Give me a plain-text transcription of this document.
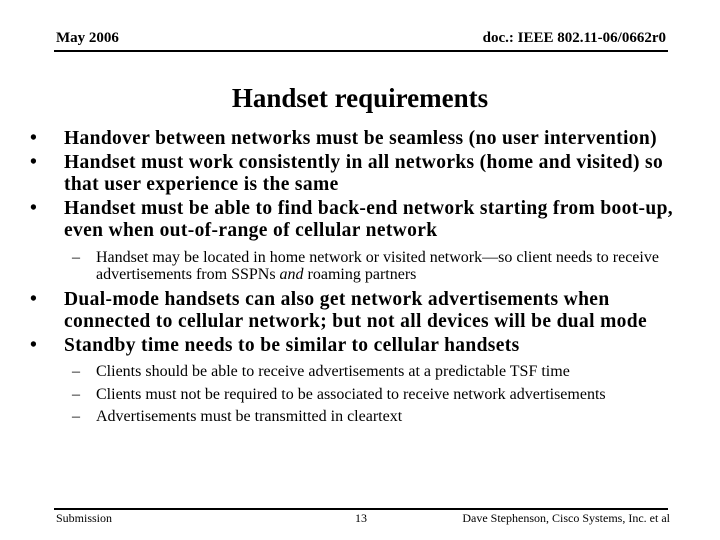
May 2006	doc.: IEEE 802.11-06/0662r0
Handset requirements
• Handover between networks must be seamless (no user intervention)
• Handset must work consistently in all networks (home and visited) so that user experience is the same
• Handset must be able to find back-end network starting from boot-up, even when out-of-range of cellular network
– Handset may be located in home network or visited network—so client needs to receive advertisements from SSPNs and roaming partners
• Dual-mode handsets can also get network advertisements when connected to cellular network; but not all devices will be dual mode
• Standby time needs to be similar to cellular handsets
– Clients should be able to receive advertisements at a predictable TSF time
– Clients must not be required to be associated to receive network advertisements
– Advertisements must be transmitted in cleartext
Submission	13	Dave Stephenson, Cisco Systems, Inc. et al
